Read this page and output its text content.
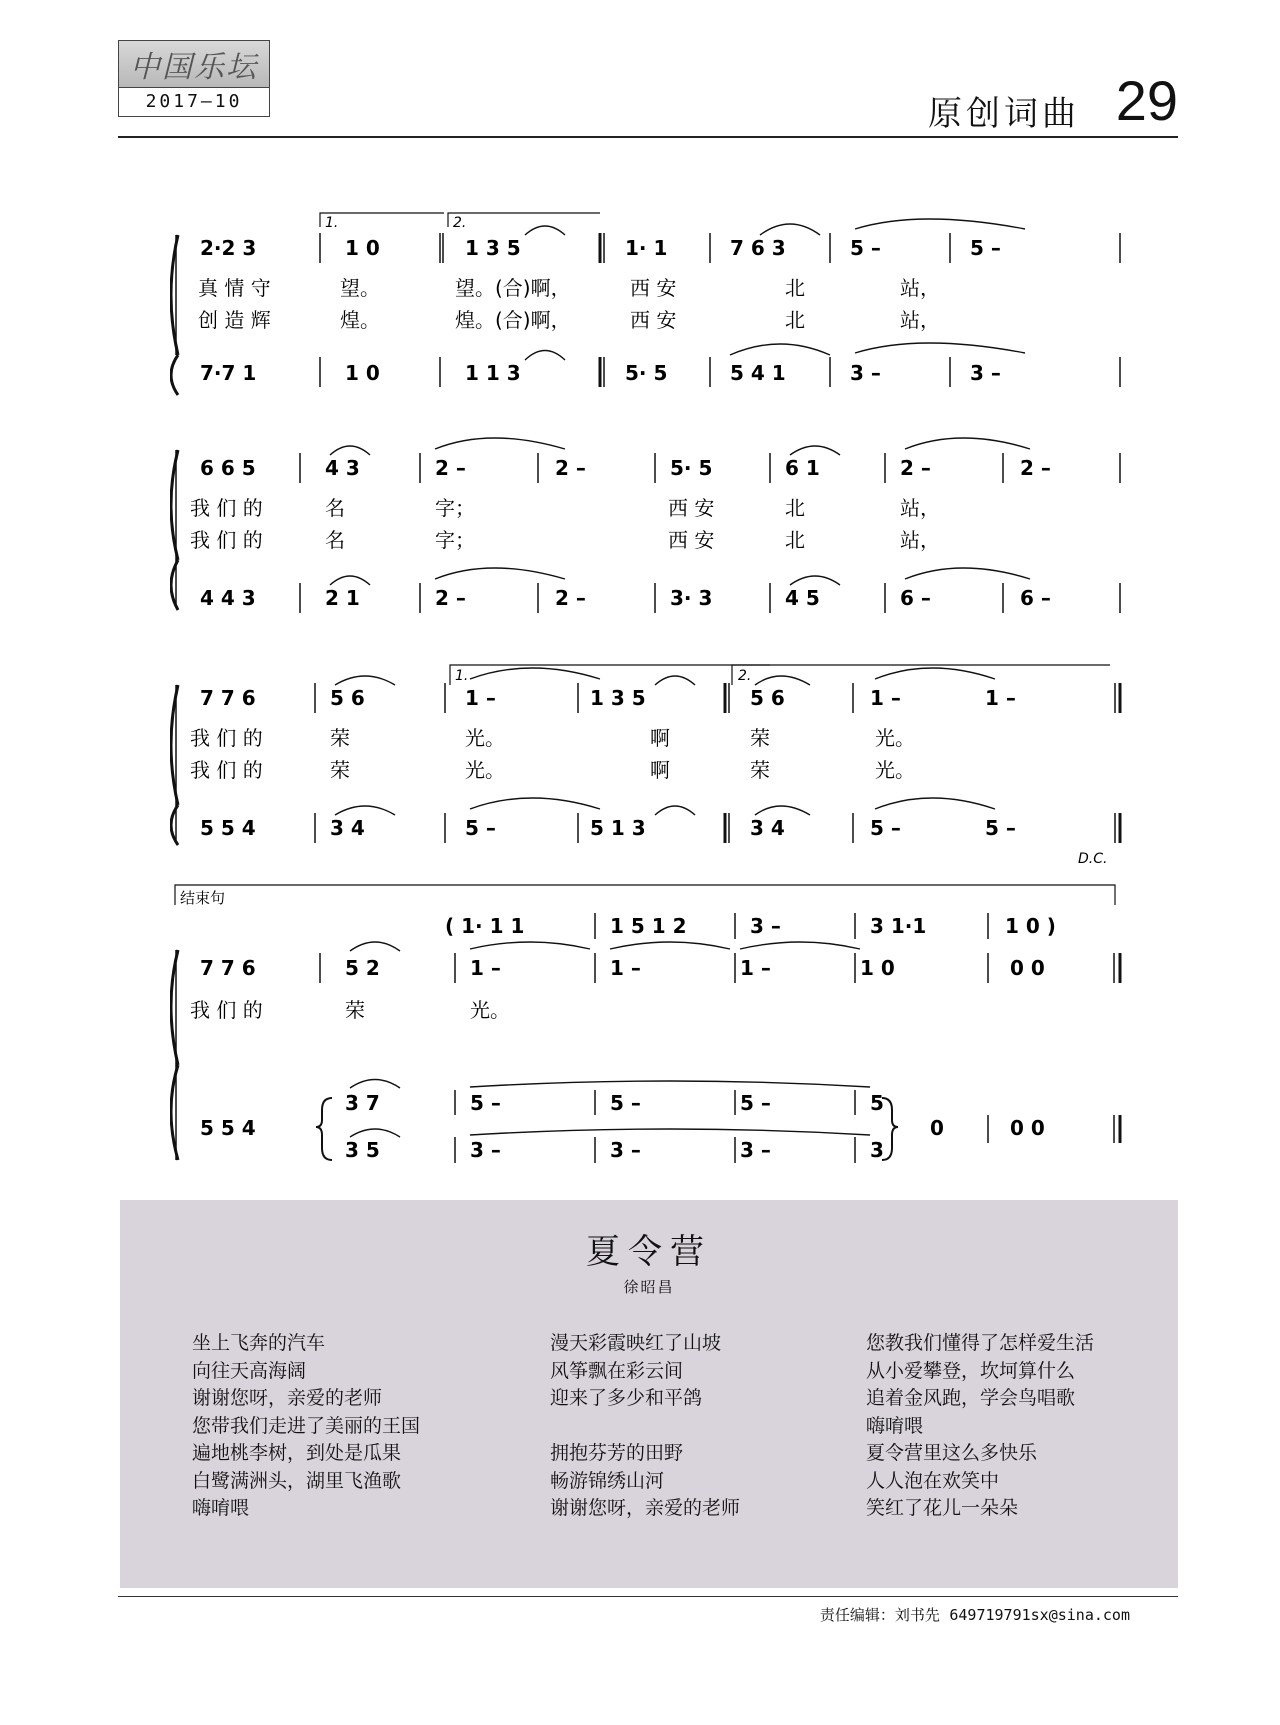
中国乐坛
2017—10	原创词曲 29
1.	2.
2·2 3	1 0	1 3 5	1· 1	7 6 3	5 –	5 –
真 情 守	望。	望。(合)啊，	西 安	北	站，
创 造 辉	煌。	煌。(合)啊，	西 安	北	站，
7·7 1	1 0	1 1 3	5· 5	5 4 1	3 –	3 –
6 6 5	4 3	2 –	2 –	5· 5	6 1	2 –	2 –
我 们 的	名	字；	西 安	北	站，
我 们 的	名	字；	西 安	北	站，
4 4 3	2 1	2 –	2 –	3· 3	4 5	6 –	6 –
1.	2.
7 7 6	5 6	1 –	1 3 5	5 6	1 –	1 –
我 们 的	荣	光。	啊	荣	光。
我 们 的	荣	光。	啊	荣	光。
5 5 4	3 4	5 –	5 1 3	3 4	5 –	5 –
D.C.
结束句
( 1· 1 1	1 5 1 2	3 –	3 1·1	1 0 )
7 7 6	5 2	1 –	1 –	1 –	1 0	0 0
我 们 的	荣	光。
5 5 4
3 7	5 –	5 –	5 –	5
3 5	3 –	3 –	3 –	3
0	0 0
夏令营
徐昭昌
坐上飞奔的汽车
向往天高海阔
谢谢您呀，亲爱的老师
您带我们走进了美丽的王国
遍地桃李树，到处是瓜果
白鹭满洲头，湖里飞渔歌
嗨唷喂
漫天彩霞映红了山坡
风筝飘在彩云间
迎来了多少和平鸽
拥抱芬芳的田野
畅游锦绣山河
谢谢您呀，亲爱的老师
您教我们懂得了怎样爱生活
从小爱攀登，坎坷算什么
追着金风跑，学会鸟唱歌
嗨唷喂
夏令营里这么多快乐
人人泡在欢笑中
笑红了花儿一朵朵
责任编辑：刘书先 649719791sx@sina.com
